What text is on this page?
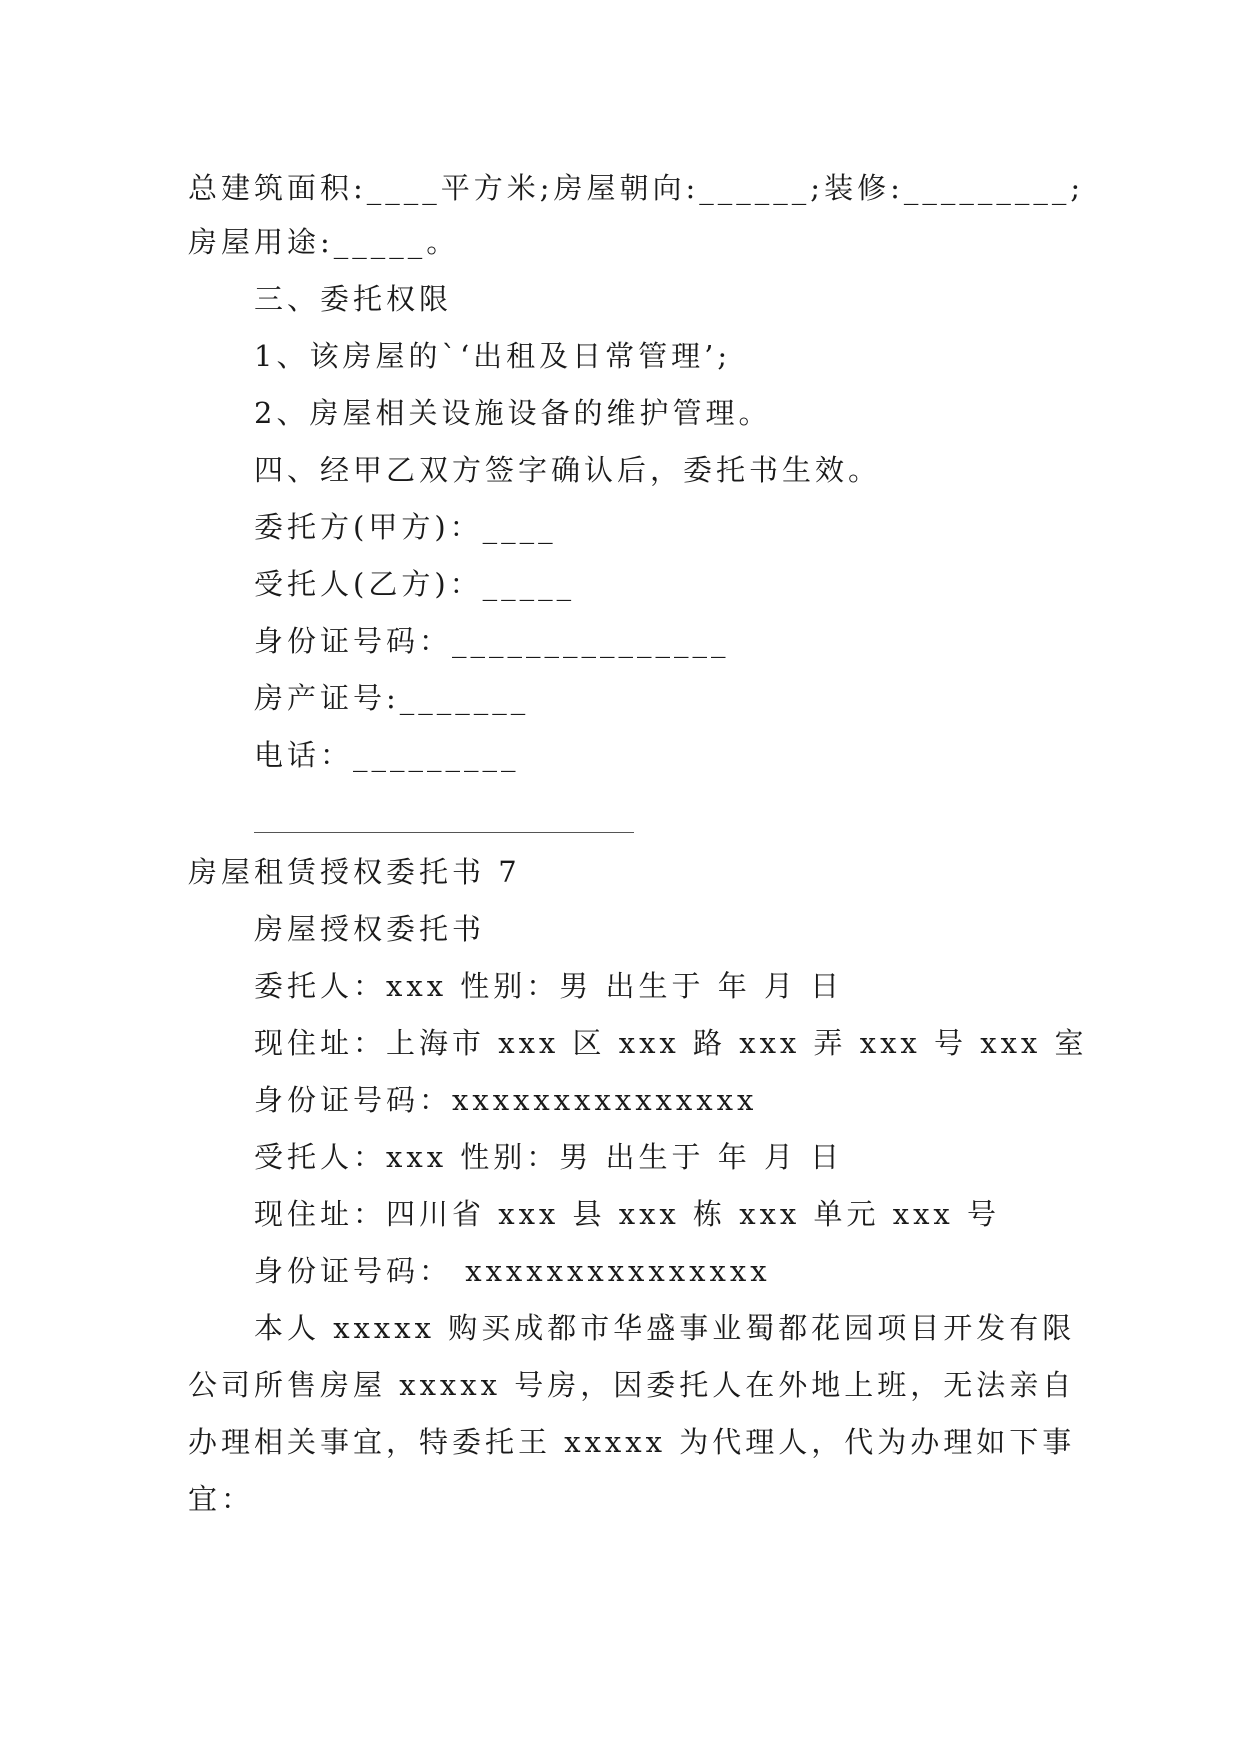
总建筑面积:____平方米;房屋朝向:______;装修:_________;
房屋用途:_____。
三、委托权限
1、该房屋的`‘出租及日常管理’;
2、房屋相关设施设备的维护管理。
四、经甲乙双方签字确认后，委托书生效。
委托方(甲方)：____
受托人(乙方)：_____
身份证号码：_______________
房产证号:_______
电话：_________
房屋租赁授权委托书 7
房屋授权委托书
委托人：xxx 性别：男 出生于 年 月 日
现住址：上海市 xxx 区 xxx 路 xxx 弄 xxx 号 xxx 室
身份证号码：xxxxxxxxxxxxxxx
受托人：xxx 性别：男 出生于 年 月 日
现住址：四川省 xxx 县 xxx 栋 xxx 单元 xxx 号
身份证号码： xxxxxxxxxxxxxxx
本人 xxxxx 购买成都市华盛事业蜀都花园项目开发有限
公司所售房屋 xxxxx 号房，因委托人在外地上班，无法亲自
办理相关事宜，特委托王 xxxxx 为代理人，代为办理如下事
宜：
